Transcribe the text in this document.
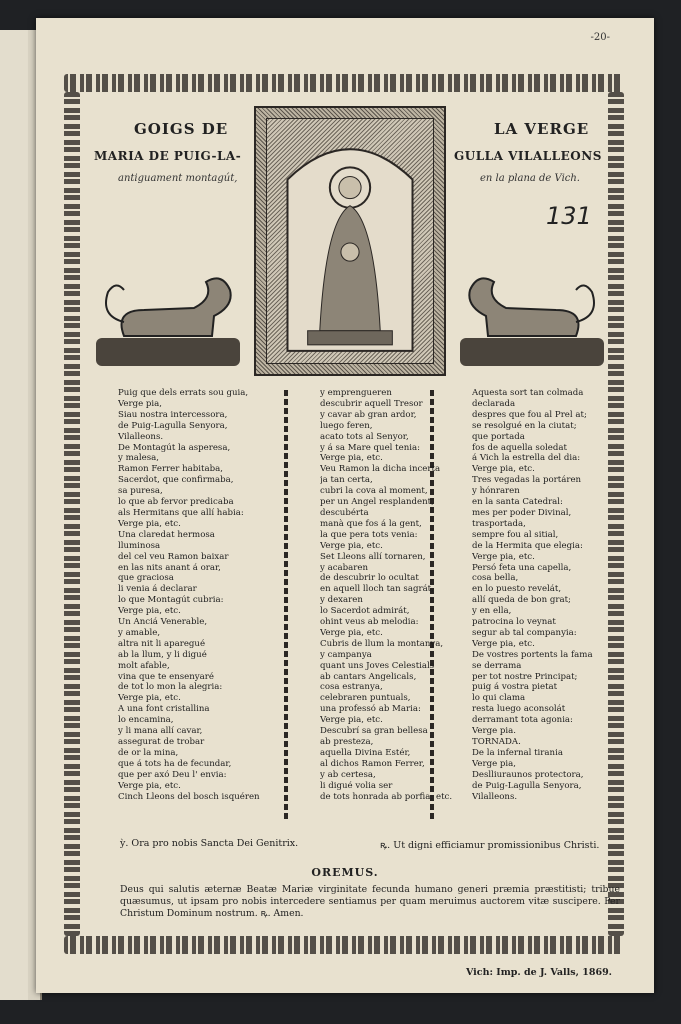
-20-
GOIGS DE	LA VERGE
MARIA DE PUIG-LA-	GULLA VILALLEONS
antiguament montagút,	en la plana de Vich.
131
Puig que dels errats sou guia,
Verge pia,
Siau nostra intercessora,
de Puig-Lagulla Senyora,
Vilalleons.
De Montagút la asperesa,
y malesa,
Ramon Ferrer habitaba,
Sacerdot, que confirmaba,
sa puresa,
lo que ab fervor predicaba
als Hermitans que allí habia:
Verge pia, etc.
Una claredat hermosa
lluminosa
del cel veu Ramon baixar
en las nits anant á orar,
que graciosa
li venia á declarar
lo que Montagút cubria:
Verge pia, etc.
Un Anciá Venerable,
y amable,
altra nit li aparegué
ab la llum, y li digué
molt afable,
vina que te ensenyaré
de tot lo mon la alegria:
Verge pia, etc.
A una font cristallina
lo encamina,
y li mana allí cavar,
assegurat de trobar
de or la mina,
que á tots ha de fecundar,
que per axó Deu l' envia:
Verge pia, etc.
Cinch Lleons del bosch isquéren
y emprengueren
descubrir aquell Tresor
y cavar ab gran ardor,
luego feren,
acato tots al Senyor,
y á sa Mare quel tenia:
Verge pia, etc.
Veu Ramon la dicha incerta
ja tan certa,
cubri la cova al moment,
per un Angel resplandent,
descubérta
manà que fos á la gent,
la que pera tots venia:
Verge pia, etc.
Set Lleons allí tornaren,
y acabaren
de descubrir lo ocultat
en aquell lloch tan sagrát,
y dexaren
lo Sacerdot admirát,
ohint veus ab melodia:
Verge pia, etc.
Cubris de llum la montanya,
y campanya
quant uns Joves Celestials
ab cantars Angelicals,
cosa estranya,
celebraren puntuals,
una professó ab Maria:
Verge pia, etc.
Descubrí sa gran bellesa
ab presteza,
aquella Divina Estér,
al dichos Ramon Ferrer,
y ab certesa,
li digué volia ser
de tots honrada ab porfia: etc.
Aquesta sort tan colmada
declarada
despres que fou al Prel at;
se resolgué en la ciutat;
que portada
fos de aquella soledat
á Vich la estrella del dia:
Verge pia, etc.
Tres vegadas la portáren
y hónraren
en la santa Catedral:
mes per poder Divinal,
trasportada,
sempre fou al sitial,
de la Hermita que elegia:
Verge pia, etc.
Persó feta una capella,
cosa bella,
en lo puesto revelát,
allí queda de bon grat;
y en ella,
patrocina lo veynat
segur ab tal companyia:
Verge pia, etc.
De vostres portents la fama
se derrama
per tot nostre Principat;
puig á vostra pietat
lo qui clama
resta luego aconsolát
derramant tota agonia:
Verge pia.
TORNADA.
De la infernal tirania
Verge pia,
Deslliuraunos protectora,
de Puig-Lagulla Senyora,
Vilalleons.
ỳ. Ora pro nobis Sancta Dei Genitrix.	ꝶ. Ut digni efficiamur promissionibus Christi.
OREMUS.
Deus qui salutis æternæ Beatæ Mariæ virginitate fecunda humano generi præmia præstitisti; tribue quæsumus, ut ipsam pro nobis intercedere sentiamus per quam meruimus auctorem vitæ suscipere. Per Christum Dominum nostrum. ꝶ. Amen.
Vich: Imp. de J. Valls, 1869.
